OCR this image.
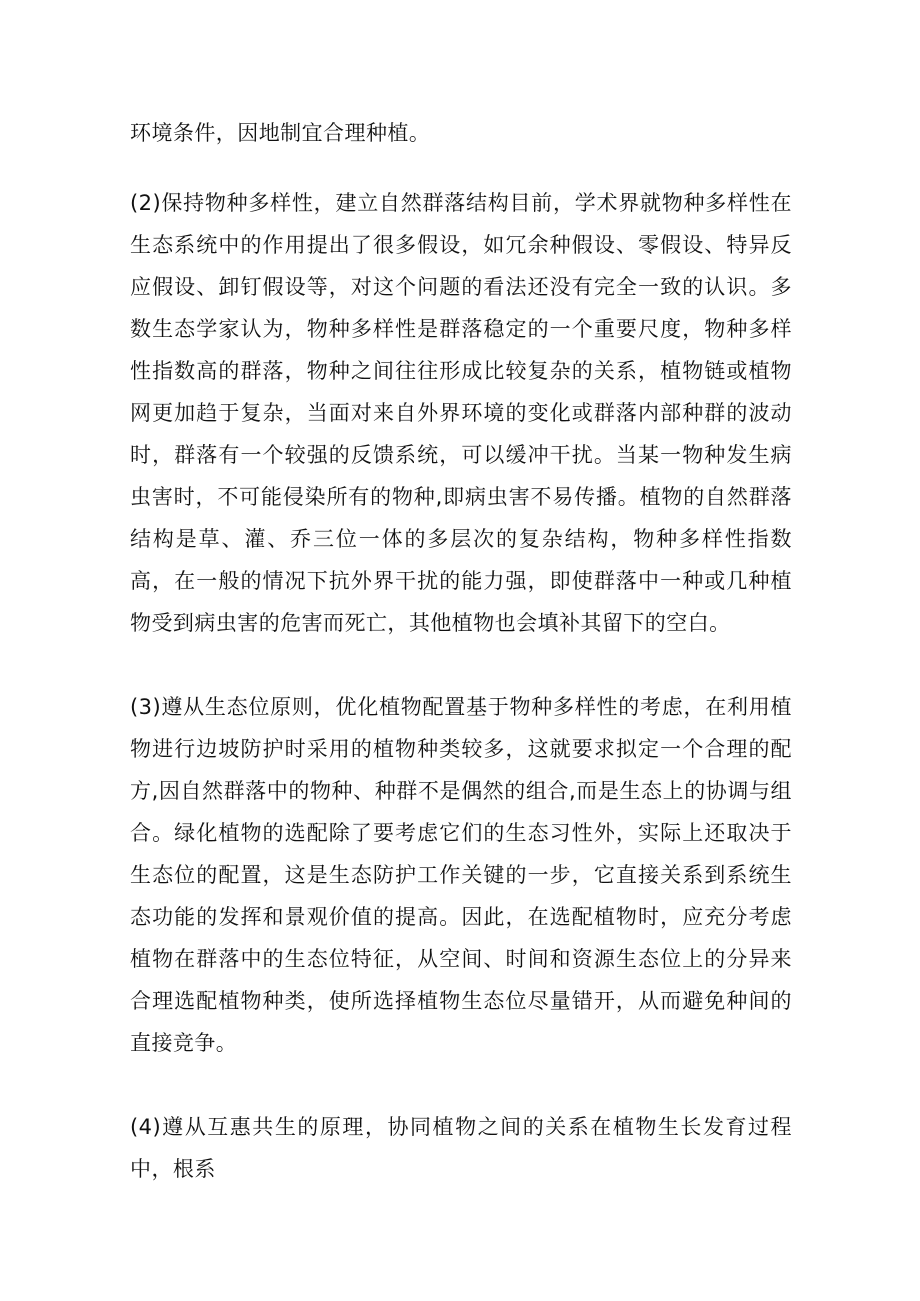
环境条件，因地制宜合理种植。

(2)保持物种多样性，建立自然群落结构目前，学术界就物种多样性在生态系统中的作用提出了很多假设，如冗余种假设、零假设、特异反应假设、卸钉假设等，对这个问题的看法还没有完全一致的认识。多数生态学家认为，物种多样性是群落稳定的一个重要尺度，物种多样性指数高的群落，物种之间往往形成比较复杂的关系，植物链或植物网更加趋于复杂，当面对来自外界环境的变化或群落内部种群的波动时，群落有一个较强的反馈系统，可以缓冲干扰。当某一物种发生病虫害时，不可能侵染所有的物种,即病虫害不易传播。植物的自然群落结构是草、灌、乔三位一体的多层次的复杂结构，物种多样性指数高，在一般的情况下抗外界干扰的能力强，即使群落中一种或几种植物受到病虫害的危害而死亡，其他植物也会填补其留下的空白。

(3)遵从生态位原则，优化植物配置基于物种多样性的考虑，在利用植物进行边坡防护时采用的植物种类较多，这就要求拟定一个合理的配方,因自然群落中的物种、种群不是偶然的组合,而是生态上的协调与组合。绿化植物的选配除了要考虑它们的生态习性外，实际上还取决于生态位的配置，这是生态防护工作关键的一步，它直接关系到系统生态功能的发挥和景观价值的提高。因此，在选配植物时，应充分考虑植物在群落中的生态位特征，从空间、时间和资源生态位上的分异来合理选配植物种类，使所选择植物生态位尽量错开，从而避免种间的直接竞争。

(4)遵从互惠共生的原理，协同植物之间的关系在植物生长发育过程中，根系
